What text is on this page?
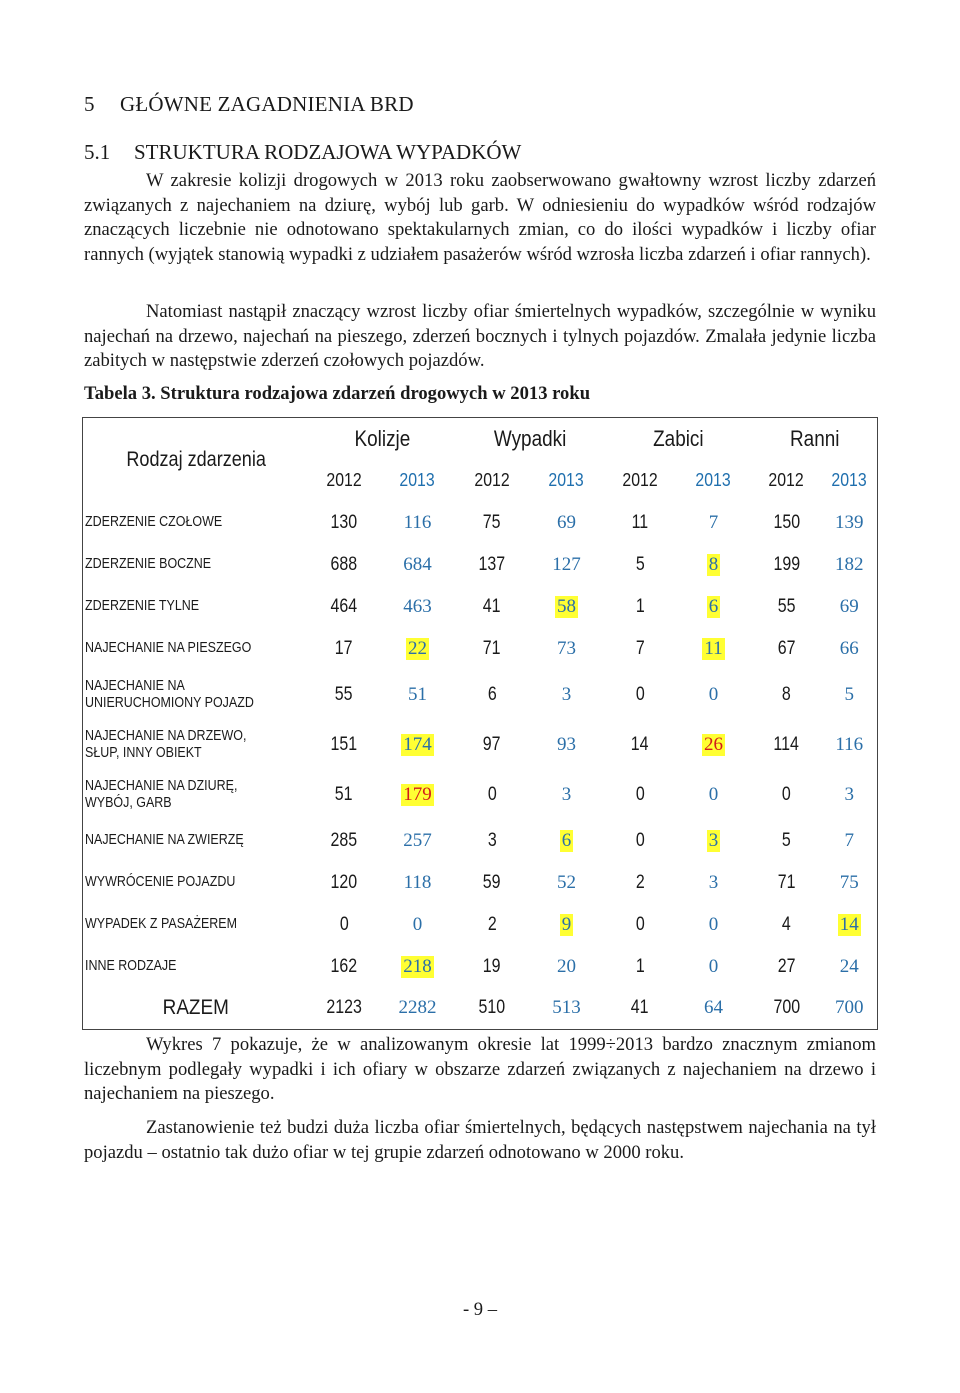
5 GŁÓWNE ZAGADNIENIA BRD
5.1 STRUKTURA RODZAJOWA WYPADKÓW

W zakresie kolizji drogowych w 2013 roku zaobserwowano gwałtowny wzrost liczby zdarzeń związanych z najechaniem na dziurę, wybój lub garb. W odniesieniu do wypadków wśród rodzajów znaczących liczebnie nie odnotowano spektakularnych zmian, co do ilości wypadków i liczby ofiar rannych (wyjątek stanowią wypadki z udziałem pasażerów wśród wzrosła liczba zdarzeń i ofiar rannych).

Natomiast nastąpił znaczący wzrost liczby ofiar śmiertelnych wypadków, szczególnie w wyniku najechań na drzewo, najechań na pieszego, zderzeń bocznych i tylnych pojazdów. Zmalała jedynie liczba zabitych w następstwie zderzeń czołowych pojazdów.

Tabela 3. Struktura rodzajowa zdarzeń drogowych w 2013 roku
Rodzaj zdarzenia	Kolizje		Wypadki		Zabici		Ranni	
	2012	2013	2012	2013	2012	2013	2012	2013
ZDERZENIE CZOŁOWE	130	116	75	69	11	7	150	139
ZDERZENIE BOCZNE	688	684	137	127	5	8	199	182
ZDERZENIE TYLNE	464	463	41	58	1	6	55	69
NAJECHANIE NA PIESZEGO	17	22	71	73	7	11	67	66
NAJECHANIE NA
UNIERUCHOMIONY POJAZD	55	51	6	3	0	0	8	5
NAJECHANIE NA DRZEWO,
SŁUP, INNY OBIEKT	151	174	97	93	14	26	114	116
NAJECHANIE NA DZIURĘ,
WYBÓJ, GARB	51	179	0	3	0	0	0	3
NAJECHANIE NA ZWIERZĘ	285	257	3	6	0	3	5	7
WYWRÓCENIE POJAZDU	120	118	59	52	2	3	71	75
WYPADEK Z PASAŻEREM	0	0	2	9	0	0	4	14
INNE RODZAJE	162	218	19	20	1	0	27	24
RAZEM	2123	2282	510	513	41	64	700	700

Wykres 7 pokazuje, że w analizowanym okresie lat 1999÷2013 bardzo znacznym zmianom liczebnym podlegały wypadki i ich ofiary w obszarze zdarzeń związanych z najechaniem na drzewo i najechaniem na pieszego.

Zastanowienie też budzi duża liczba ofiar śmiertelnych, będących następstwem najechania na tył pojazdu – ostatnio tak dużo ofiar w tej grupie zdarzeń odnotowano w 2000 roku.

- 9 –
